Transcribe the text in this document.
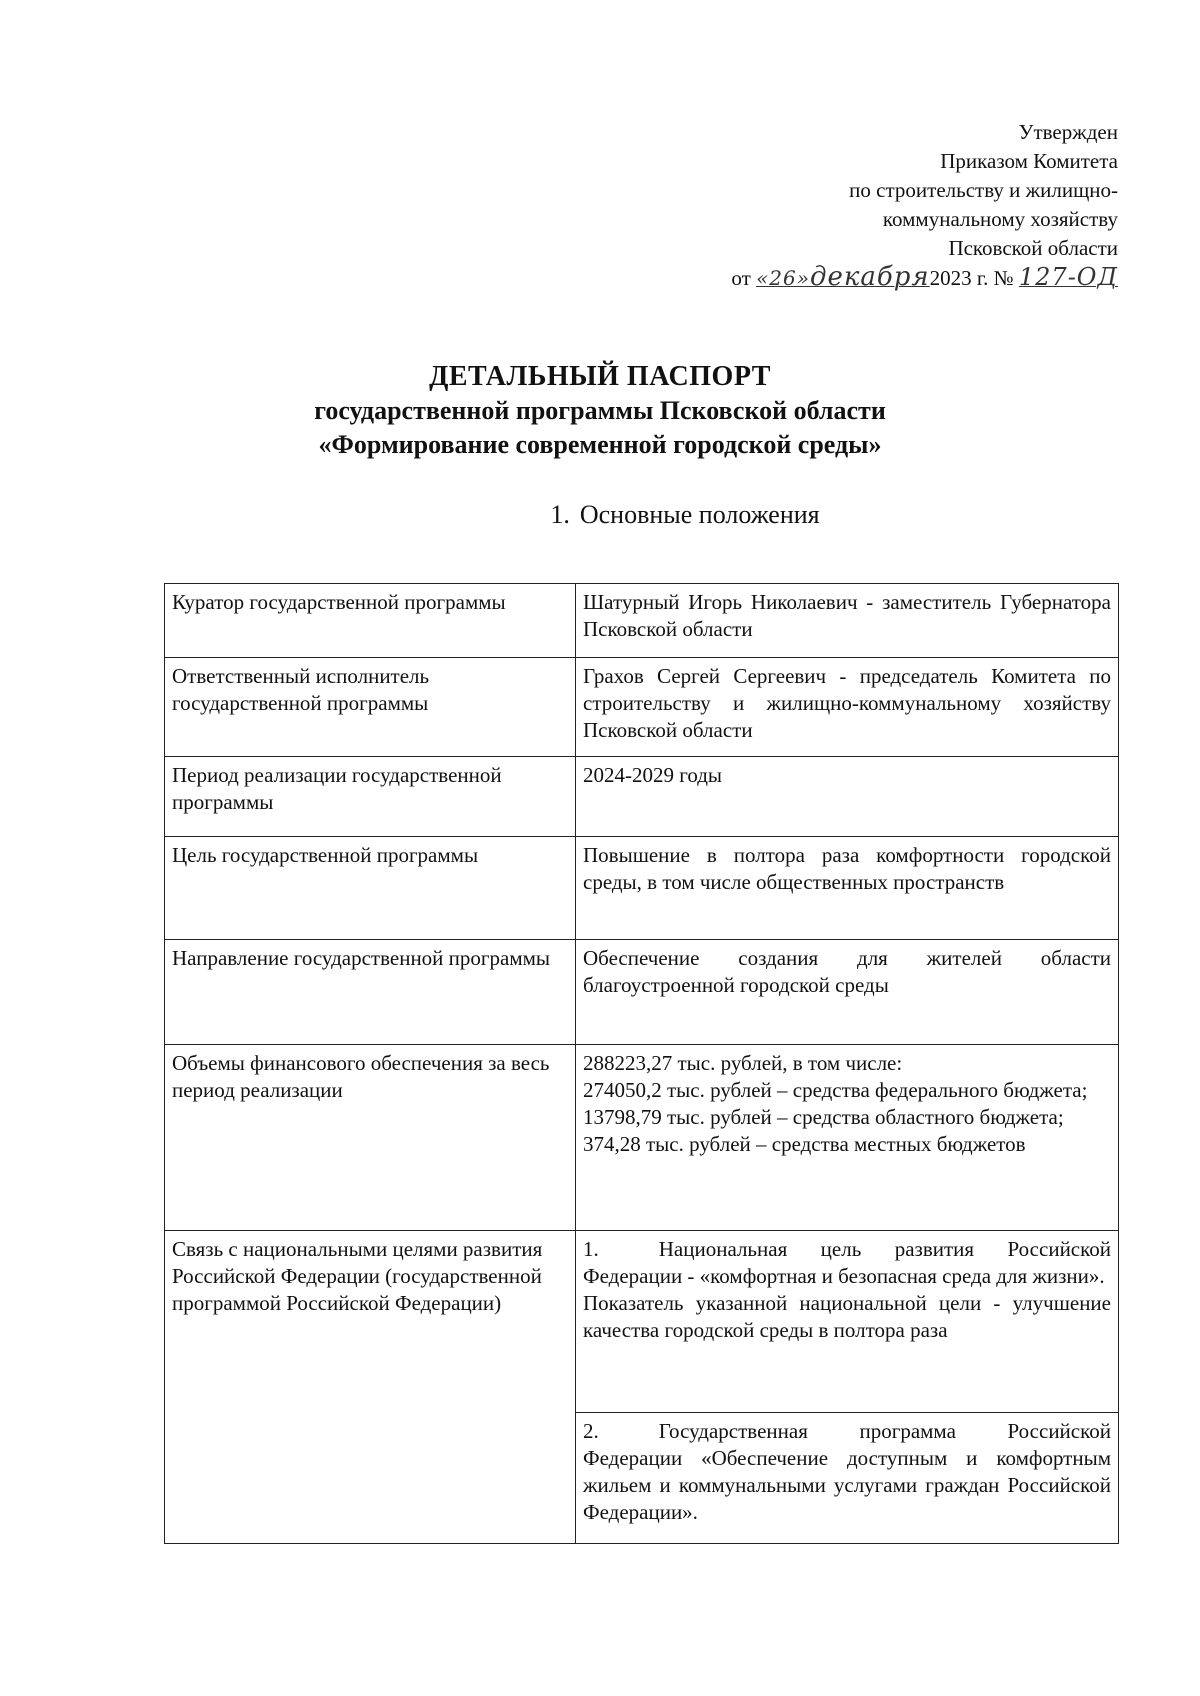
Утвержден
Приказом Комитета
по строительству и жилищно-
коммунальному хозяйству
Псковской области
от «26»декабря2023 г. № 127-ОД
ДЕТАЛЬНЫЙ ПАСПОРТ
государственной программы Псковской области
«Формирование современной городской среды»
1. Основные положения
Куратор государственной программы	Шатурный Игорь Николаевич - заместитель Губернатора Псковской области
Ответственный исполнитель государственной программы	Грахов Сергей Сергеевич - председатель Комитета по строительству и жилищно-коммунальному хозяйству Псковской области
Период реализации государственной программы	2024-2029 годы
Цель государственной программы	Повышение в полтора раза комфортности городской среды, в том числе общественных пространств
Направление государственной программы	Обеспечение создания для жителей области благоустроенной городской среды
Объемы финансового обеспечения за весь период реализации	288223,27 тыс. рублей, в том числе:
274050,2 тыс. рублей – средства федерального бюджета;
13798,79 тыс. рублей – средства областного бюджета;
374,28 тыс. рублей – средства местных бюджетов

Связь с национальными целями развития Российской Федерации (государственной программой Российской Федерации)	1. Национальная цель развития Российской Федерации - «комфортная и безопасная среда для жизни».
Показатель указанной национальной цели - улучшение качества городской среды в полтора раза

	2. Государственная программа Российской Федерации «Обеспечение доступным и комфортным жильем и коммунальными услугами граждан Российской Федерации».
